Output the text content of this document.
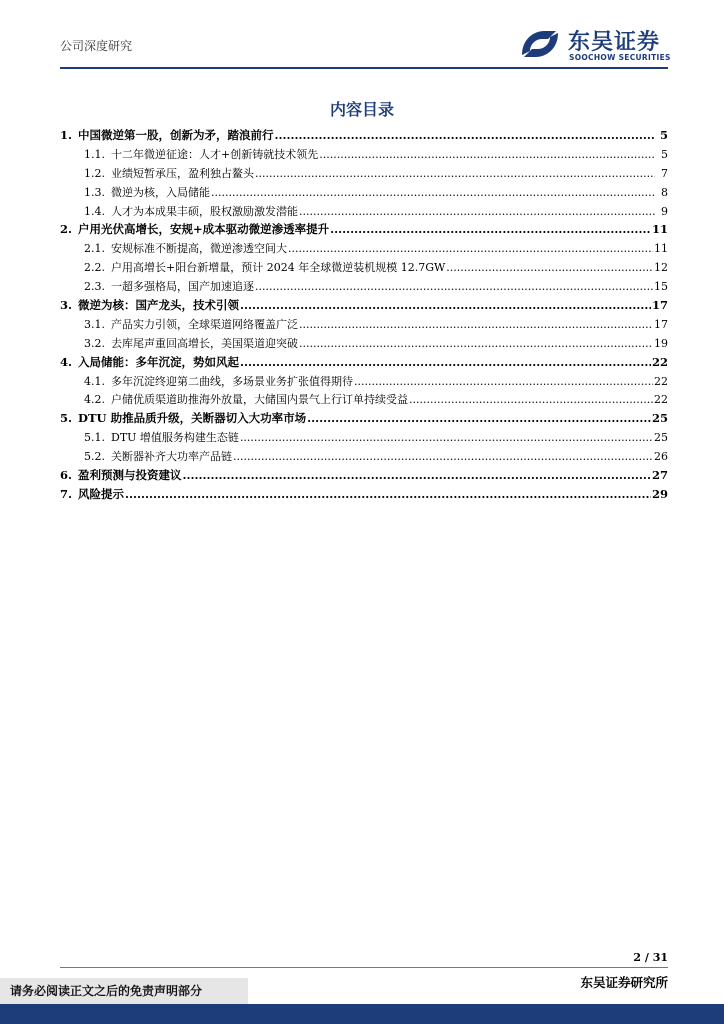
公司深度研究	东吴证券
SOOCHOW SECURITIES
内容目录
1. 中国微逆第一股，创新为矛，踏浪前行 .....	5
1.1. 十二年微逆征途：人才+创新铸就技术领先 .....	5
1.2. 业绩短暂承压，盈利独占鳌头 .....	7
1.3. 微逆为核，入局储能 .....	8
1.4. 人才为本成果丰硕，股权激励激发潜能 .....	9
2. 户用光伏高增长，安规+成本驱动微逆渗透率提升 .....	11
2.1. 安规标准不断提高，微逆渗透空间大 .....	11
2.2. 户用高增长+阳台新增量，预计 2024 年全球微逆装机规模 12.7GW .....	12
2.3. 一超多强格局，国产加速追逐 .....	15
3. 微逆为核：国产龙头，技术引领 .....	17
3.1. 产品实力引领，全球渠道网络覆盖广泛 .....	17
3.2. 去库尾声重回高增长，美国渠道迎突破 .....	19
4. 入局储能：多年沉淀，势如风起 .....	22
4.1. 多年沉淀终迎第二曲线，多场景业务扩张值得期待 .....	22
4.2. 户储优质渠道助推海外放量，大储国内景气上行订单持续受益 .....	22
5. DTU 助推品质升级，关断器切入大功率市场 .....	25
5.1. DTU 增值服务构建生态链 .....	25
5.2. 关断器补齐大功率产品链 .....	26
6. 盈利预测与投资建议 .....	27
7. 风险提示 .....	29
2 / 31
东吴证券研究所
请务必阅读正文之后的免责声明部分
